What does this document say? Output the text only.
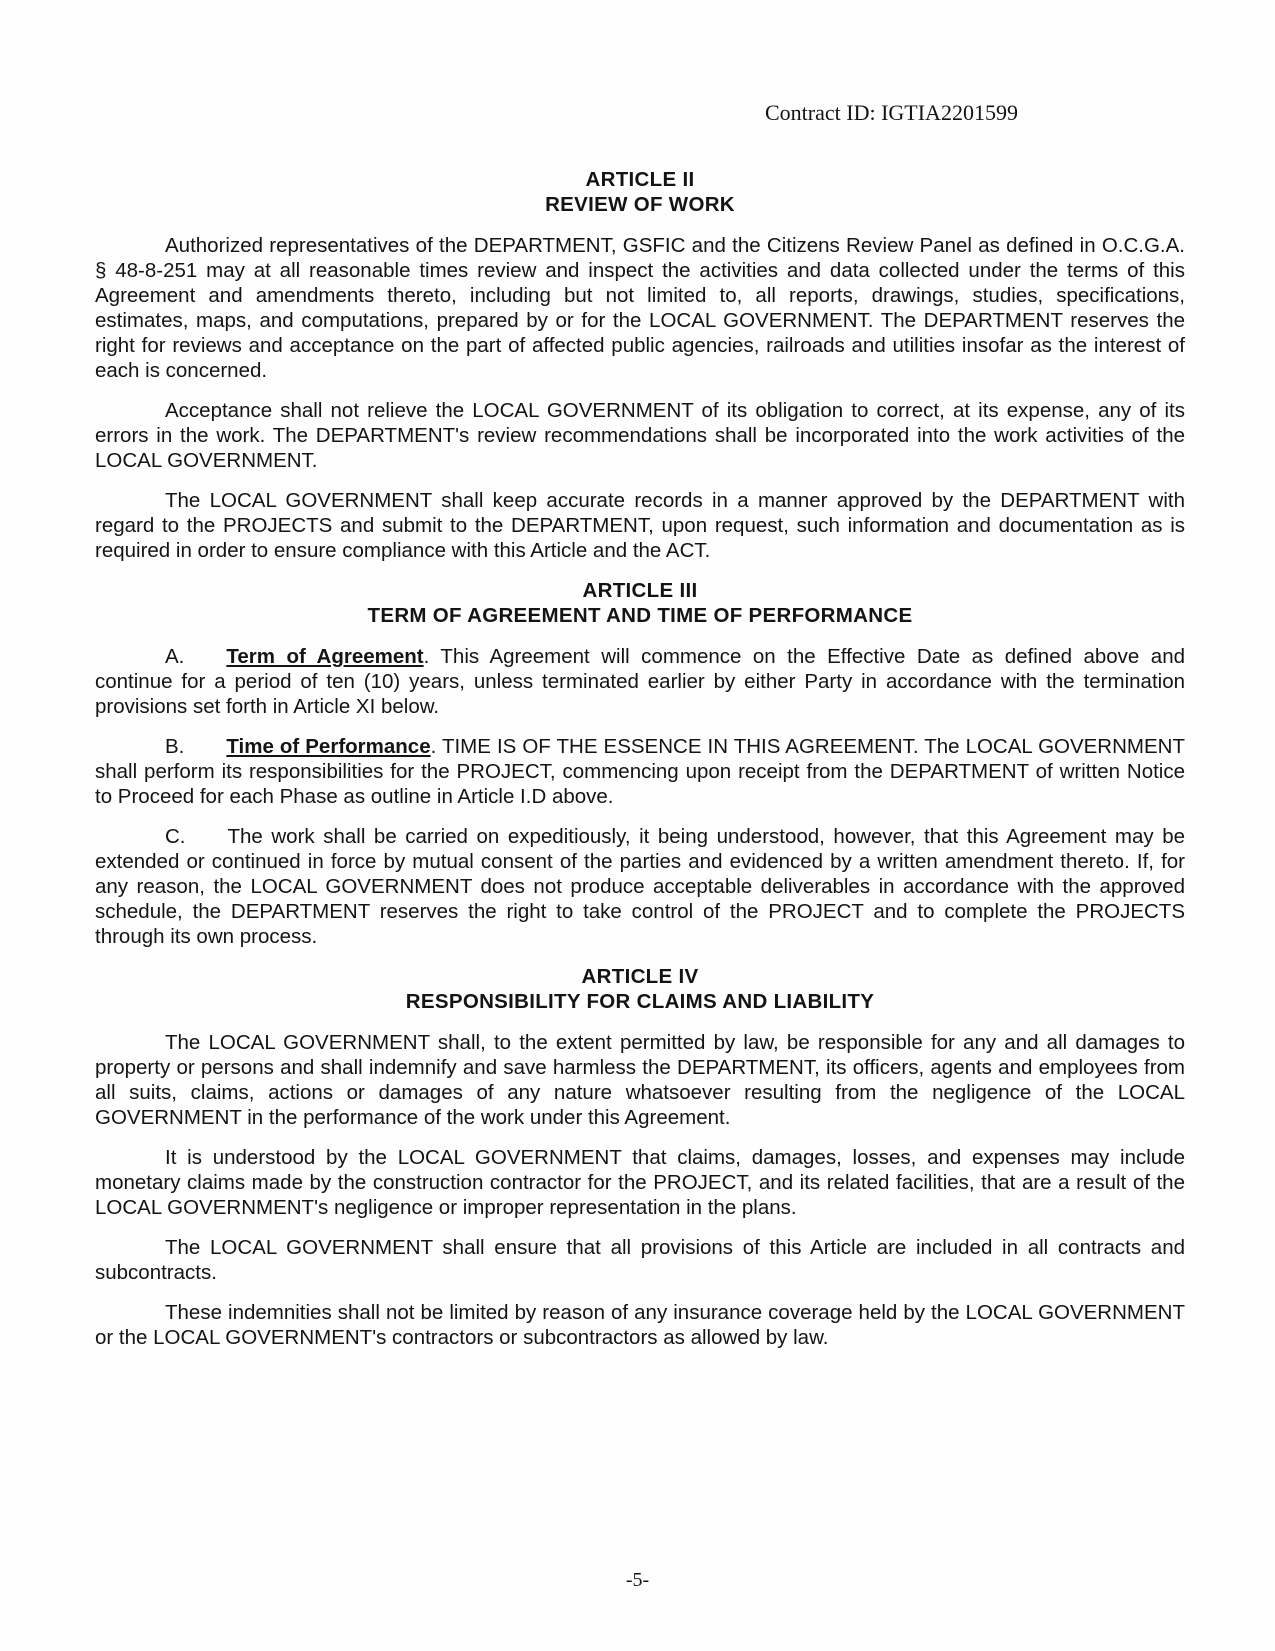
Contract ID: IGTIA2201599
ARTICLE II
REVIEW OF WORK

Authorized representatives of the DEPARTMENT, GSFIC and the Citizens Review Panel as defined in O.C.G.A. § 48-8-251 may at all reasonable times review and inspect the activities and data collected under the terms of this Agreement and amendments thereto, including but not limited to, all reports, drawings, studies, specifications, estimates, maps, and computations, prepared by or for the LOCAL GOVERNMENT. The DEPARTMENT reserves the right for reviews and acceptance on the part of affected public agencies, railroads and utilities insofar as the interest of each is concerned.

Acceptance shall not relieve the LOCAL GOVERNMENT of its obligation to correct, at its expense, any of its errors in the work. The DEPARTMENT's review recommendations shall be incorporated into the work activities of the LOCAL GOVERNMENT.

The LOCAL GOVERNMENT shall keep accurate records in a manner approved by the DEPARTMENT with regard to the PROJECTS and submit to the DEPARTMENT, upon request, such information and documentation as is required in order to ensure compliance with this Article and the ACT.

ARTICLE III
TERM OF AGREEMENT AND TIME OF PERFORMANCE

A. Term of Agreement. This Agreement will commence on the Effective Date as defined above and continue for a period of ten (10) years, unless terminated earlier by either Party in accordance with the termination provisions set forth in Article XI below.

B. Time of Performance. TIME IS OF THE ESSENCE IN THIS AGREEMENT. The LOCAL GOVERNMENT shall perform its responsibilities for the PROJECT, commencing upon receipt from the DEPARTMENT of written Notice to Proceed for each Phase as outline in Article I.D above.

C. The work shall be carried on expeditiously, it being understood, however, that this Agreement may be extended or continued in force by mutual consent of the parties and evidenced by a written amendment thereto. If, for any reason, the LOCAL GOVERNMENT does not produce acceptable deliverables in accordance with the approved schedule, the DEPARTMENT reserves the right to take control of the PROJECT and to complete the PROJECTS through its own process.

ARTICLE IV
RESPONSIBILITY FOR CLAIMS AND LIABILITY

The LOCAL GOVERNMENT shall, to the extent permitted by law, be responsible for any and all damages to property or persons and shall indemnify and save harmless the DEPARTMENT, its officers, agents and employees from all suits, claims, actions or damages of any nature whatsoever resulting from the negligence of the LOCAL GOVERNMENT in the performance of the work under this Agreement.

It is understood by the LOCAL GOVERNMENT that claims, damages, losses, and expenses may include monetary claims made by the construction contractor for the PROJECT, and its related facilities, that are a result of the LOCAL GOVERNMENT's negligence or improper representation in the plans.

The LOCAL GOVERNMENT shall ensure that all provisions of this Article are included in all contracts and subcontracts.

These indemnities shall not be limited by reason of any insurance coverage held by the LOCAL GOVERNMENT or the LOCAL GOVERNMENT's contractors or subcontractors as allowed by law.

-5-
